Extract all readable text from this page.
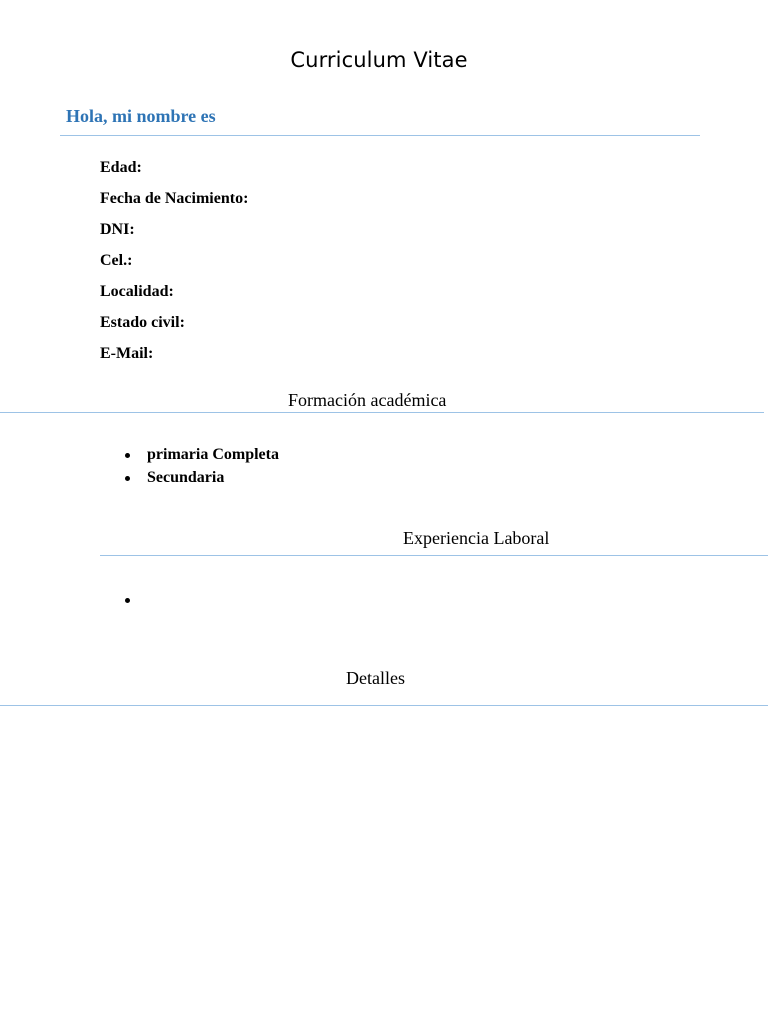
Curriculum Vitae
Hola, mi nombre es
Edad:
Fecha de Nacimiento:
DNI:
Cel.:
Localidad:
Estado civil:
E-Mail:
Formación académica
primaria Completa
Secundaria
Experiencia Laboral
Detalles
